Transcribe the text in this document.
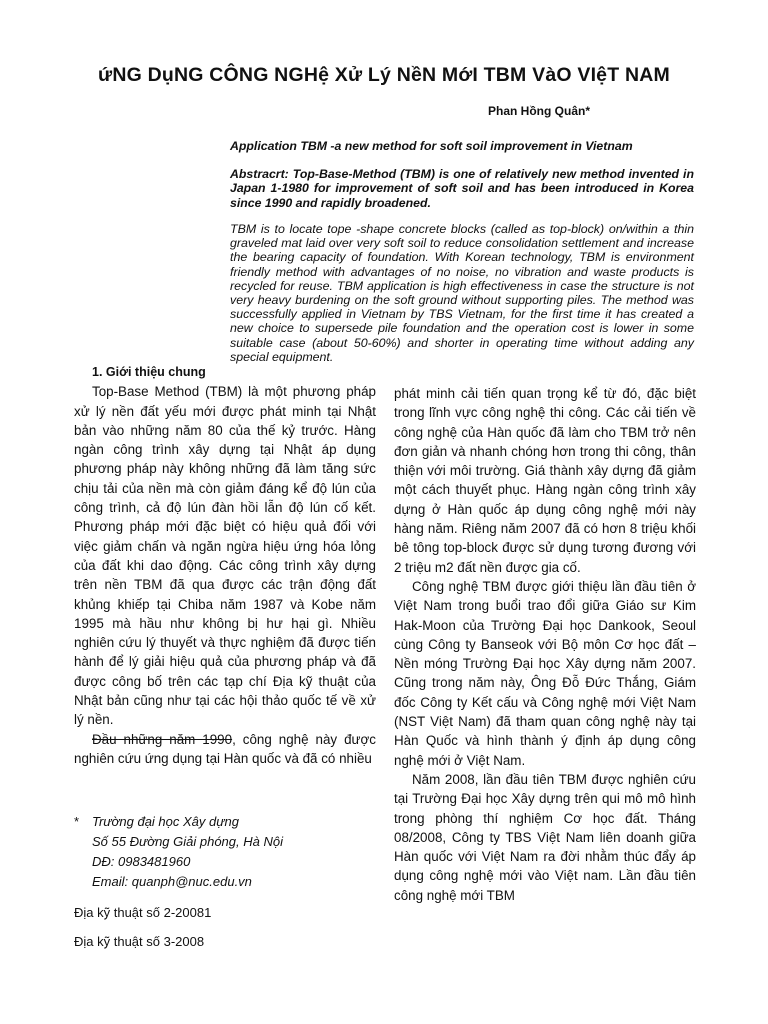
ứNG DụNG CÔNG NGHệ Xử Lý NềN MớI TBM VàO VIệT NAM
Phan Hồng Quân*
Application TBM -a new method for soft soil improvement in Vietnam
Abstracrt: Top-Base-Method (TBM) is one of relatively new method invented in Japan 1-1980 for improvement of soft soil and has been introduced in Korea since 1990 and rapidly broadened.
TBM is to locate tope -shape concrete blocks (called as top-block) on/within a thin graveled mat laid over very soft soil to reduce consolidation settlement and increase the bearing capacity of foundation. With Korean technology, TBM is environment friendly method with advantages of no noise, no vibration and waste products is recycled for reuse. TBM application is high effectiveness in case the structure is not very heavy burdening on the soft ground without supporting piles. The method was successfully applied in Vietnam by TBS Vietnam, for the first time it has created a new choice to supersede pile foundation and the operation cost is lower in some suitable case (about 50-60%) and shorter in operating time without adding any special equipment.
1. Giới thiệu chung

Top-Base Method (TBM) là một phương pháp xử lý nền đất yếu mới được phát minh tại Nhật bản vào những năm 80 của thế kỷ trước. Hàng ngàn công trình xây dựng tại Nhật áp dụng phương pháp này không những đã làm tăng sức chịu tải của nền mà còn giảm đáng kể độ lún của công trình, cả độ lún đàn hồi lẫn độ lún cố kết. Phương pháp mới đặc biệt có hiệu quả đối với việc giảm chấn và ngăn ngừa hiệu ứng hóa lỏng của đất khi dao động. Các công trình xây dựng trên nền TBM đã qua được các trận động đất khủng khiếp tại Chiba năm 1987 và Kobe năm 1995 mà hầu như không bị hư hại gì. Nhiều nghiên cứu lý thuyết và thực nghiệm đã được tiến hành để lý giải hiệu quả của phương pháp và đã được công bố trên các tạp chí Địa kỹ thuật của Nhật bản cũng như tại các hội thảo quốc tế về xử lý nền.

Đầu những năm 1990, công nghệ này được nghiên cứu ứng dụng tại Hàn quốc và đã có nhiều

phát minh cải tiến quan trọng kể từ đó, đặc biệt trong lĩnh vực công nghệ thi công. Các cải tiến về công nghệ của Hàn quốc đã làm cho TBM trở nên đơn giản và nhanh chóng hơn trong thi công, thân thiện với môi trường. Giá thành xây dựng đã giảm một cách thuyết phục. Hàng ngàn công trình xây dựng ở Hàn quốc áp dụng công nghệ mới này hàng năm. Riêng năm 2007 đã có hơn 8 triệu khối bê tông top-block được sử dụng tương đương với 2 triệu m2 đất nền được gia cố.

Công nghệ TBM được giới thiệu lần đầu tiên ở Việt Nam trong buổi trao đổi giữa Giáo sư Kim Hak-Moon của Trường Đại học Dankook, Seoul cùng Công ty Banseok với Bộ môn Cơ học đất – Nền móng Trường Đại học Xây dựng năm 2007. Cũng trong năm này, Ông Đỗ Đức Thắng, Giám đốc Công ty Kết cấu và Công nghệ mới Việt Nam (NST Việt Nam) đã tham quan công nghệ này tại Hàn Quốc và hình thành ý định áp dụng công nghệ mới ở Việt Nam.

Năm 2008, lần đầu tiên TBM được nghiên cứu tại Trường Đại học Xây dựng trên qui mô mô hình trong phòng thí nghiệm Cơ học đất. Tháng 08/2008, Công ty TBS Việt Nam liên doanh giữa Hàn quốc với Việt Nam ra đời nhằm thúc đẩy áp dụng công nghệ mới vào Việt nam. Lần đầu tiên công nghệ mới TBM

* Trường đại học Xây dựng
Số 55 Đường Giải phóng, Hà Nội
DĐ: 0983481960
Email: quanph@nuc.edu.vn
Địa kỹ thuật số 2-20081
Địa kỹ thuật số 3-2008
